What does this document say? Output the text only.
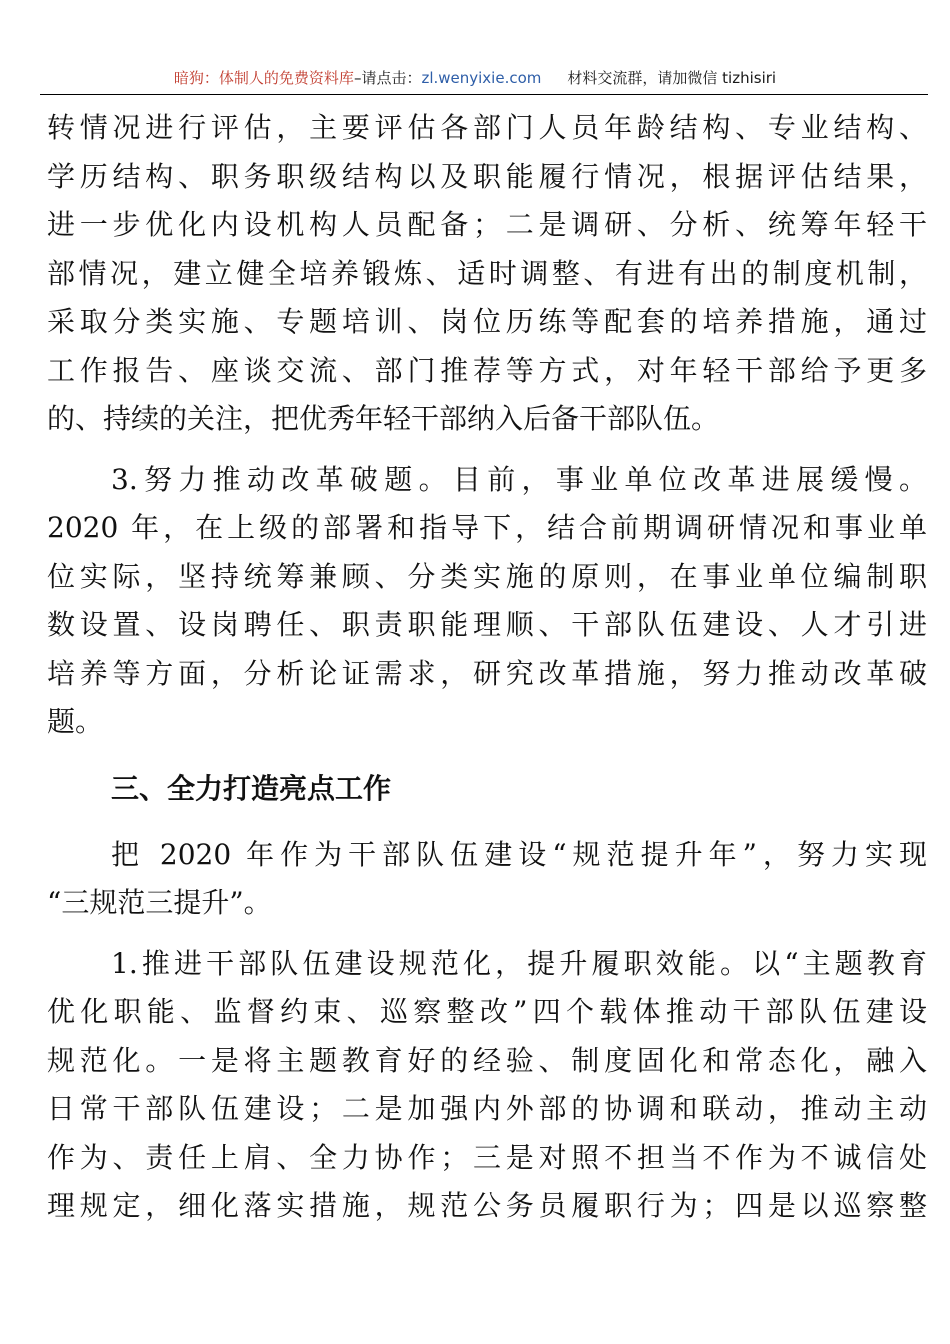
暗狗：体制人的免费资料库–请点击：zl.wenyixie.com 材料交流群，请加微信 tizhisiri
转情况进行评估，主要评估各部门人员年龄结构、专业结构、
学历结构、职务职级结构以及职能履行情况，根据评估结果，
进一步优化内设机构人员配备；二是调研、分析、统筹年轻干
部情况，建立健全培养锻炼、适时调整、有进有出的制度机制，
采取分类实施、专题培训、岗位历练等配套的培养措施，通过
工作报告、座谈交流、部门推荐等方式，对年轻干部给予更多
的、持续的关注，把优秀年轻干部纳入后备干部队伍。
3.努力推动改革破题。目前，事业单位改革进展缓慢。
2020 年，在上级的部署和指导下，结合前期调研情况和事业单
位实际，坚持统筹兼顾、分类实施的原则，在事业单位编制职
数设置、设岗聘任、职责职能理顺、干部队伍建设、人才引进
培养等方面，分析论证需求，研究改革措施，努力推动改革破
题。
三、全力打造亮点工作
把 2020 年作为干部队伍建设“规范提升年”，努力实现
“三规范三提升”。
1.推进干部队伍建设规范化，提升履职效能。以“主题教育
优化职能、监督约束、巡察整改”四个载体推动干部队伍建设
规范化。一是将主题教育好的经验、制度固化和常态化，融入
日常干部队伍建设；二是加强内外部的协调和联动，推动主动
作为、责任上肩、全力协作；三是对照不担当不作为不诚信处
理规定，细化落实措施，规范公务员履职行为；四是以巡察整
